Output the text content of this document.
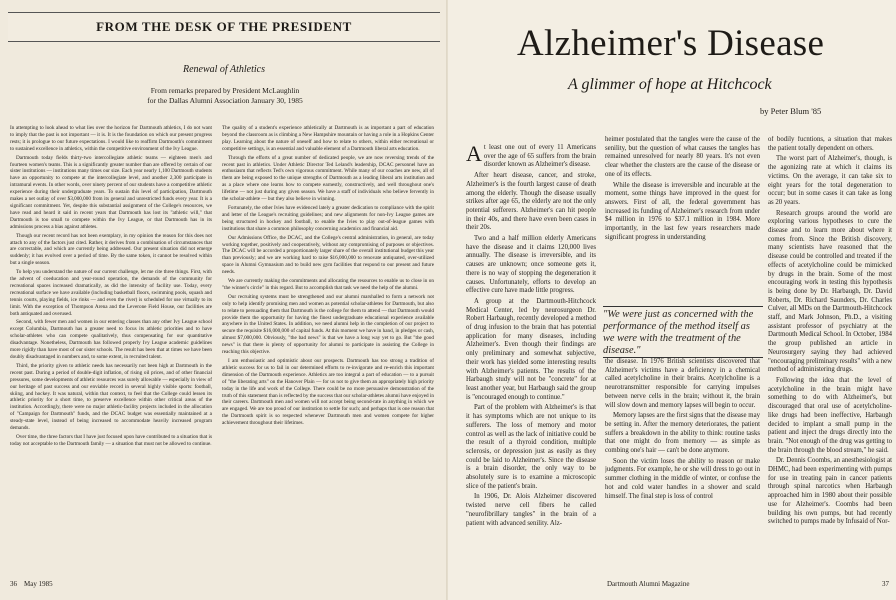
FROM THE DESK OF THE PRESIDENT
Renewal of Athletics
From remarks prepared by President McLaughlin
for the Dallas Alumni Association January 30, 1985

In attempting to look ahead to what lies over the horizon for Dartmouth athletics, I do not want to imply that the past is not important — it is. It is the foundation on which our present progress rests; it is prologue to our future expectations. I would like to reaffirm Dartmouth's commitment to sustained excellence in athletics, within the competitive environment of the Ivy League.

Dartmouth today fields thirty-two intercollegiate athletic teams — eighteen men's and fourteen women's teams. This is a significantly greater number than are offered by certain of our sister institutions — institutions many times our size. Each year nearly 1,100 Dartmouth students have an opportunity to compete at the intercollegiate level, and another 2,300 participate in intramural events. In other words, over ninety percent of our students have a competitive athletic experience during their undergraduate years. To sustain this level of participation, Dartmouth makes a net outlay of over $3,000,000 from its general and unrestricted funds every year. It is a significant commitment. Yet, despite this substantial assignment of the College's resources, we have read and heard it said in recent years that Dartmouth has lost its "athletic will," that Dartmouth is too small to compete within the Ivy League, or that Dartmouth has in its admissions process a bias against athletes.

Though our recent record has not been exemplary, in my opinion the reason for this does not attach to any of the factors just cited. Rather, it derives from a combination of circumstances that are correctable, and which are currently being addressed. Our present situation did not emerge suddenly; it has evolved over a period of time. By the same token, it cannot be resolved within but a single season.

To help you understand the nature of our current challenge, let me cite three things. First, with the advent of coeducation and year-round operation, the demands of the community for recreational spaces increased dramatically, as did the intensity of facility use. Today, every recreational surface we have available (including basketball floors, swimming pools, squash and tennis courts, playing fields, ice rinks — and even the river) is scheduled for use virtually to its limit. With the exception of Thompson Arena and the Leverone Field House, our facilities are both antiquated and overused.

Second, with fewer men and women in our entering classes than any other Ivy League school except Columbia, Dartmouth has a greater need to focus its athletic priorities and to have scholar-athletes who can compete qualitatively, thus compensating for our quantitative disadvantage. Nonetheless, Dartmouth has followed properly Ivy League academic guidelines more rigidly than have most of our sister schools. The result has been that at times we have been doubly disadvantaged in numbers and, to some extent, in recruited talent.

Third, the priority given to athletic needs has necessarily not been high at Dartmouth in the recent past. During a period of double-digit inflation, of rising oil prices, and of other financial pressures, some developments of athletic resources was surely allowable — especially in view of our heritage of past success and our enviable record in several highly visible sports: football, skiing, and hockey. It was natural, within that context, to feel that the College could lessen its athletic priority for a short time, to preserve excellence within other critical areas of the institution. Accordingly, there were no major athletic-facility projects included in the allocation of "Campaign for Dartmouth" funds, and the DCAC budget was essentially maintained at a steady-state level, instead of being increased to accommodate heavily increased program demands.

Over time, the three factors that I have just focused upon have contributed to a situation that is today not acceptable to the Dartmouth family — a situation that must not be allowed to continue.

The quality of a student's experience athletically at Dartmouth is as important a part of education beyond the classroom as is climbing a New Hampshire mountain or having a role in a Hopkins Center play. Learning about the nature of oneself and how to relate to others, within either recreational or competitive settings, is an essential and valuable element of a Dartmouth liberal arts education.

Through the efforts of a great number of dedicated people, we are now reversing trends of the recent past in athletics. Under Athletic Director Ted Leland's leadership, DCAC personnel have an enthusiasm that reflects Ted's own vigorous commitment. While many of our coaches are new, all of them are being exposed to the unique strengths of Dartmouth as a leading liberal arts institution and as a place where one learns how to compete earnestly, constructively, and well throughout one's lifetime — not just during any given season. We have a staff of individuals who believe fervently in the scholar-athlete — but they also believe in winning.

Fortunately, the other Ivies have evidenced lately a greater dedication to compliance with the spirit and letter of the League's recruiting guidelines; and new alignments for non-Ivy League games are being structured in hockey and football, to enable the Ivies to play out-of-league games with institutions that share a common philosophy concerning academics and financial aid.

Our Admissions Office, the DCAC, and the College's central administration, in general, are today working together, positively and cooperatively, without any compromising of purposes or objectives. The DCAC will be accorded a proportionately larger share of the overall institutional budget this year than previously; and we are working hard to raise $16,000,000 to renovate antiquated, over-utilized space in Alumni Gymnasium and to build new gym facilities that respond to our present and future needs.

We are currently making the commitments and allocating the resources to enable us to close in on "the winner's circle" in this regard. But to accomplish that task we need the help of the alumni.

Our recruiting systems must be strengthened and our alumni marshalled to form a network not only to help identify promising men and women as potential scholar-athletes for Dartmouth, but also to relate to persuading them that Dartmouth is the college for them to attend — that Dartmouth would provide them the opportunity for having the finest undergraduate educational experience available anywhere in the United States. In addition, we need alumni help in the completion of our project to secure the requisite $16,000,000 of capital funds. At this moment we have in hand, in pledges or cash, almost $7,000,000. Obviously, "the bad news" is that we have a long way yet to go. But "the good news" is that there is plenty of opportunity for alumni to participate in assisting the College in reaching this objective.

I am enthusiastic and optimistic about our prospects. Dartmouth has too strong a tradition of athletic success for us to fail in our determined efforts to re-invigorate and re-enrich this important dimension of the Dartmouth experience. Athletics are too integral a part of education — to a pursuit of "the liberating arts" on the Hanover Plain — for us not to give them an appropriately high priority today in the life and work of the College. There could be no more persuasive demonstration of the truth of this statement than is reflected by the success that our scholar-athletes alumni have enjoyed in their careers. Dartmouth men and women will not accept being second-rate in anything in which we are engaged. We are too proud of our institution to settle for such; and perhaps that is one reason that the Dartmouth spirit is so respected whenever Dartmouth men and women compete for higher achievement throughout their lifetimes.

36 May 1985
Alzheimer's Disease
A glimmer of hope at Hitchcock
by Peter Blum '85

At least one out of every 11 Americans over the age of 65 suffers from the brain disorder known as Alzheimer's disease.

After heart disease, cancer, and stroke, Alzheimer's is the fourth largest cause of death among the elderly. Though the disease usually strikes after age 65, the elderly are not the only potential sufferers. Alzheimer's can hit people in their 40s, and there have even been cases in their 20s.

Two and a half million elderly Americans have the disease and it claims 120,000 lives annually. The disease is irreversible, and its causes are unknown; once someone gets it, there is no way of stopping the degeneration it causes. Unfortunately, efforts to develop an effective cure have made little progress.

A group at the Dartmouth-Hitchcock Medical Center, led by neurosurgeon Dr. Robert Harbaugh, recently developed a method of drug infusion to the brain that has potential application for many diseases, including Alzheimer's. Even though their findings are only preliminary and somewhat subjective, their work has yielded some interesting results with Alzheimer's patients. The results of the Harbaugh study will not be "concrete" for at least another year, but Harbaugh said the group is "encouraged enough to continue."

Part of the problem with Alzheimer's is that it has symptoms which are not unique to its sufferers. The loss of memory and motor control as well as the lack of initiative could be the result of a thyroid condition, multiple sclerosis, or depression just as easily as they could be laid to Alzheimer's. Since the disease is a brain disorder, the only way to be absolutely sure is to examine a microscopic slice of the patient's brain.

In 1906, Dr. Alois Alzheimer discovered twisted nerve cell fibers he called "neurofibrillary tangles" in the brain of a patient with advanced senility. Alz-

heimer postulated that the tangles were the cause of the senility, but the question of what causes the tangles has remained unresolved for nearly 80 years. It's not even clear whether the clusters are the cause of the disease or one of its effects.

While the disease is irreversible and incurable at the moment, some things have improved in the quest for answers. First of all, the federal government has increased its funding of Alzheimer's research from under $4 million in 1976 to $37.1 million in 1984. More importantly, in the last few years researchers made significant progress in understanding

"We were just as concerned with the performance of the method itself as we were with the treatment of the disease."

the disease. In 1976 British scientists discovered that Alzheimer's victims have a deficiency in a chemical called acetylcholine in their brains. Acetylcholine is a neurotransmitter responsible for carrying impulses between nerve cells in the brain; without it, the brain will slow down and memory lapses will begin to occur.

Memory lapses are the first signs that the disease may be setting in. After the memory deteriorates, the patient suffers a breakdown in the ability to think: routine tasks that one might do from memory — as simple as combing one's hair — can't be done anymore.

Soon the victim loses the ability to reason or make judgments. For example, he or she will dress to go out in summer clothing in the middle of winter, or confuse the hot and cold water handles in a shower and scald himself. The final step is loss of control

of bodily fucntions, a situation that makes the patient totally dependent on others.

The worst part of Alzheimer's, though, is the agonizing rate at which it claims its victims. On the average, it can take six to eight years for the total degeneration to occur; but in some cases it can take as long as 20 years.

Research groups around the world are exploring various hypotheses to cure the disease and to learn more about where it comes from. Since the British discovery, many scientists have reasoned that the disease could be controlled and treated if the effects of acetylcholine could be mimicked by drugs in the brain. Some of the most encouraging work in testing this hypothesis is being done by Dr. Harbaugh, Dr. David Roberts, Dr. Richard Saunders, Dr. Charles Culver, all MDs on the Dartmouth-Hitchcock staff, and Mark Johnson, Ph.D., a visiting assistant professor of psychiatry at the Dartmouth Medical School. In October, 1984 the group published an article in Neurosurgery saying they had achieved "encouraging preliminary results" with a new method of administering drugs.

Following the idea that the level of acetylcholine in the brain might have something to do with Alzheimer's, but discouraged that oral use of acetylcholine-like drugs had been ineffective, Harbaugh decided to implant a small pump in the patient and inject the drugs directly into the brain. "Not enough of the drug was getting to the brain through the blood stream," he said.

Dr. Dennis Coombs, an anesthesiologist at DHMC, had been experimenting with pumps for use in treating pain in cancer patients through spinal narcotics when Harbaugh approached him in 1980 about their possible use for Alzheimer's. Coombs had been building his own pumps, but had recently switched to pumps made by Infusaid of Nor-

Dartmouth Alumni Magazine	37
